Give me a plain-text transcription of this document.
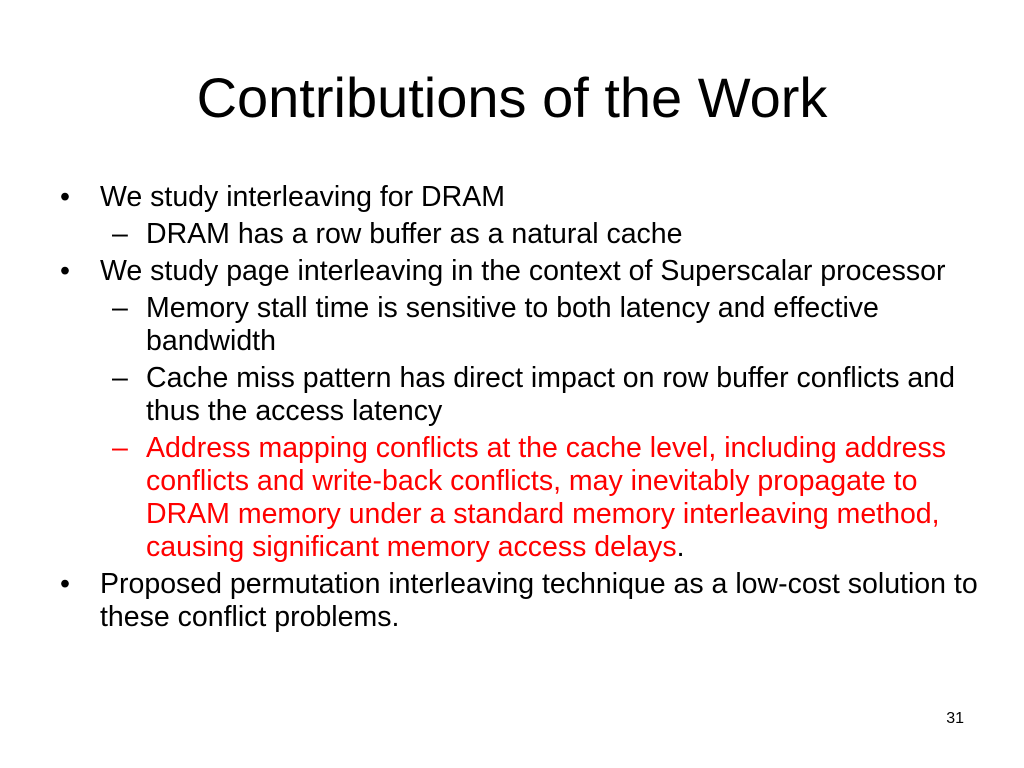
Contributions of the Work
•	We study interleaving for DRAM
– DRAM has a row buffer as a natural cache
•	We study page interleaving in the context of Superscalar processor
– Memory stall time is sensitive to both latency and effective bandwidth
– Cache miss pattern has direct impact on row buffer conflicts and thus the access latency
– Address mapping conflicts at the cache level, including address conflicts and write-back conflicts, may inevitably propagate to DRAM memory under a standard memory interleaving method, causing significant memory access delays.
•	Proposed permutation interleaving technique as a low-cost solution to these conflict problems.
31
